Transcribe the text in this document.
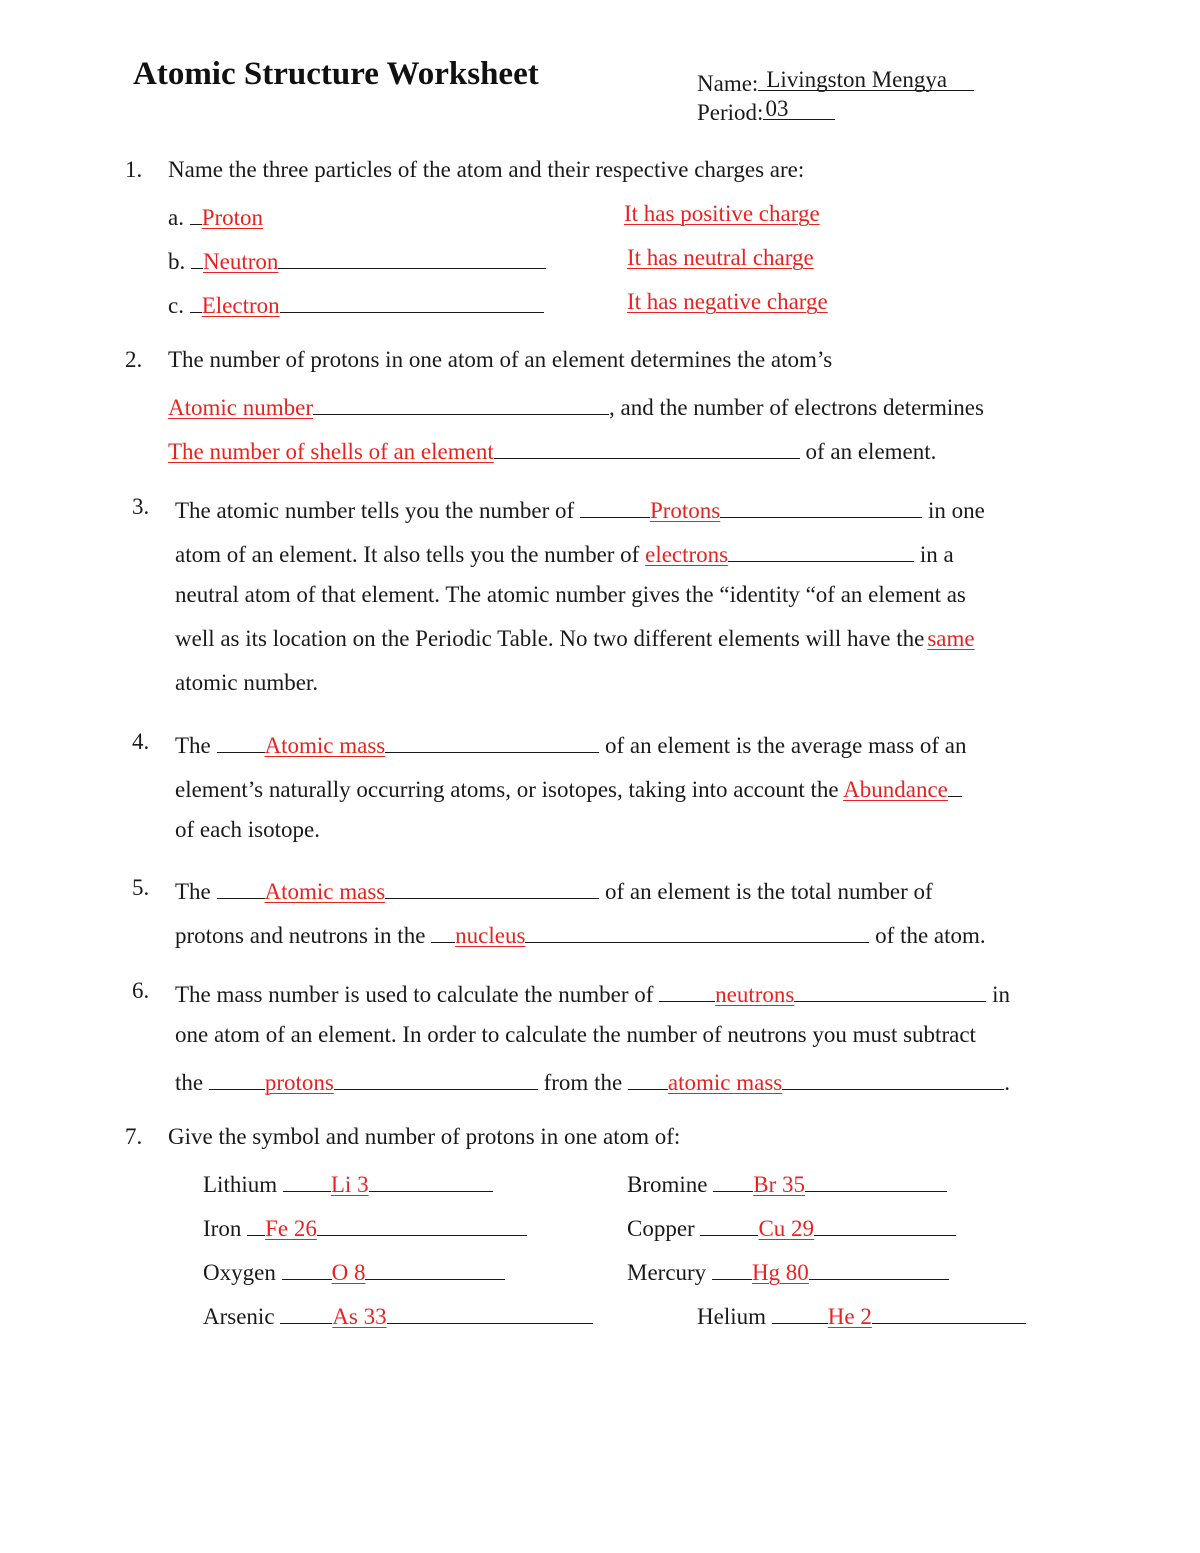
Atomic Structure Worksheet	Name: Livingston Mengya
Period: 03
1. Name the three particles of the atom and their respective charges are:
a. Proton	It has positive charge
b. Neutron	It has neutral charge
c. Electron	It has negative charge
2. The number of protons in one atom of an element determines the atom’s
Atomic number	, and the number of electrons determines
The number of shells of an element	of an element.
3. The atomic number tells you the number of	Protons	in one
atom of an element. It also tells you the number of electrons	in a
neutral atom of that element. The atomic number gives the “identity “of an element as
well as its location on the Periodic Table. No two different elements will have the same
atomic number.
4. The Atomic mass	of an element is the average mass of an
element’s naturally occurring atoms, or isotopes, taking into account the Abundance
of each isotope.
5. The Atomic mass	of an element is the total number of
protons and neutrons in the nucleus	of the atom.
6. The mass number is used to calculate the number of	neutrons	in
one atom of an element. In order to calculate the number of neutrons you must subtract
the	protons	from the atomic mass	.
7. Give the symbol and number of protons in one atom of:
Lithium Li 3	Bromine Br 35
Iron Fe 26	Copper	Cu 29
Oxygen O 8	Mercury Hg 80
Arsenic	As 33	Helium	He 2
